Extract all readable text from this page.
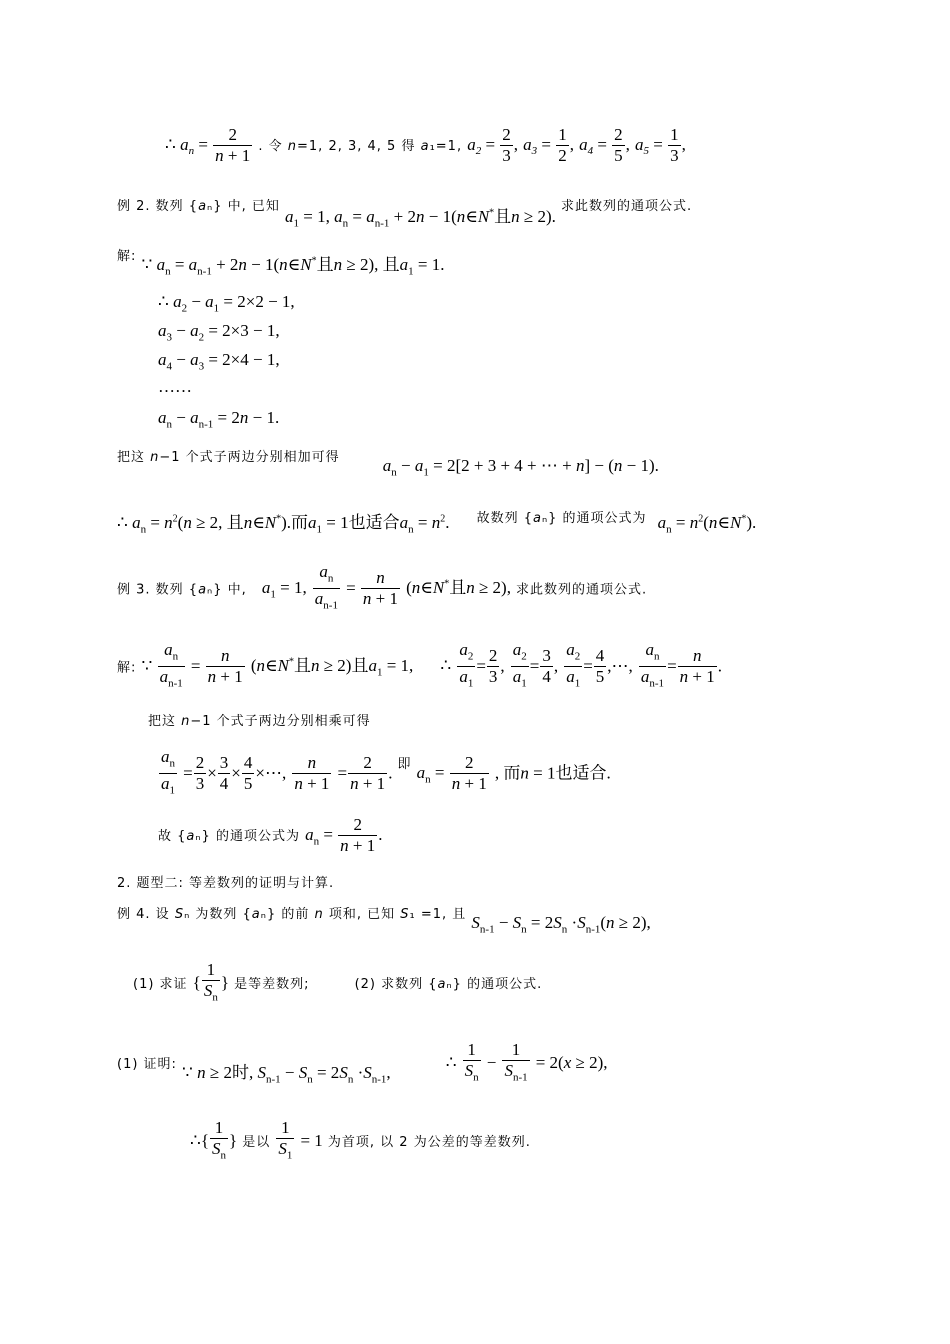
∴ $a_n = \frac{2}{n + 1}$ . 令 n=1, 2, 3, 4, 5 得 a₁=1, $a_2 = \frac{2}{3}$ , $a_3 = \frac{1}{2}$ , $a_4 = \frac{2}{5}$ , $a_5 = \frac{1}{3}$ ,
例 2. 数列 {aₙ} 中, 已知 $a_1 = 1$, $a_n = a_{n-1} + 2n$ − 1(n∈N*且n ≥ 2). 求此数列的通项公式.
解: ∵ $a_n = a_{n-1} + 2n$ − 1(n∈N*且n ≥ 2), 且$a_1 = 1$.
∴ $a_2 - a_1 = 2\times 2 - 1$,
$a_3 - a_2 = 2\times 3 - 1$,
$a_4 - a_3 = 2\times 4 - 1$,
……
$a_n - a_{n-1} = 2n - 1$.
把这 n−1 个式子两边分别相加可得	$a_n - a_1 = 2[2 + 3 + 4$ + ⋯ + n] − (n − 1).
∴ $a_n = n^2(n \ge 2$, 且n∈N*).而$a_1 = 1$也适合$a_n = n^2$. 故数列 {aₙ} 的通项公式为 $a_n$ = $n^2(n\in N^*)$.
例 3. 数列 {aₙ} 中, $a_1 = 1$, $\frac{a_n}{a_{n-1}} = \frac{n}{n + 1}$ (n∈N*且n ≥ 2), 求此数列的通项公式.
解: ∵ $\frac{a_n}{a_{n-1}} = \frac{n}{n + 1}$ (n∈N*且n ≥ 2)且$a_1 = 1$, ∴ $\frac{a_2}{a_1} = \frac{2}{3}$ , $\frac{a_2}{a_1} = \frac{3}{4}$ , $\frac{a_2}{a_1} = \frac{4}{5}$ ,⋯, $\frac{a_n}{a_{n-1}} = \frac{n}{n + 1}$ .
把这 n−1 个式子两边分别相乘可得
$\frac{a_n}{a_1} = \frac{2}{3} \times \frac{3}{4} \times \frac{4}{5}$ ×⋯, $\frac{n}{n + 1} = \frac{2}{n + 1}$ . $^即$ $a_n = \frac{2}{n + 1}$ , 而n = 1也适合.
故 {aₙ} 的通项公式为 $a_n = \frac{2}{n + 1}$ .
2. 题型二: 等差数列的证明与计算.
例 4. 设 Sₙ 为数列 {aₙ} 的前 n 项和, 已知 S₁ =1, 且 $S_{n-1} - S_n = 2S_n \cdot S_{n-1}(n \ge 2)$,
(1) 求证 { $\frac{1}{S_n}$ } 是等差数列;	(2) 求数列 {aₙ} 的通项公式.
(1) 证明: ∵ n ≥ 2时, $S_{n-1} - S_n = 2S_n \cdot S_{n-1}$, ∴ $\frac{1}{S_n} - \frac{1}{S_{n-1}} = 2(x \ge 2)$,
∴{ $\frac{1}{S_n}$ } 是以 $\frac{1}{S_1} = 1$ 为首项, 以 2 为公差的等差数列.
